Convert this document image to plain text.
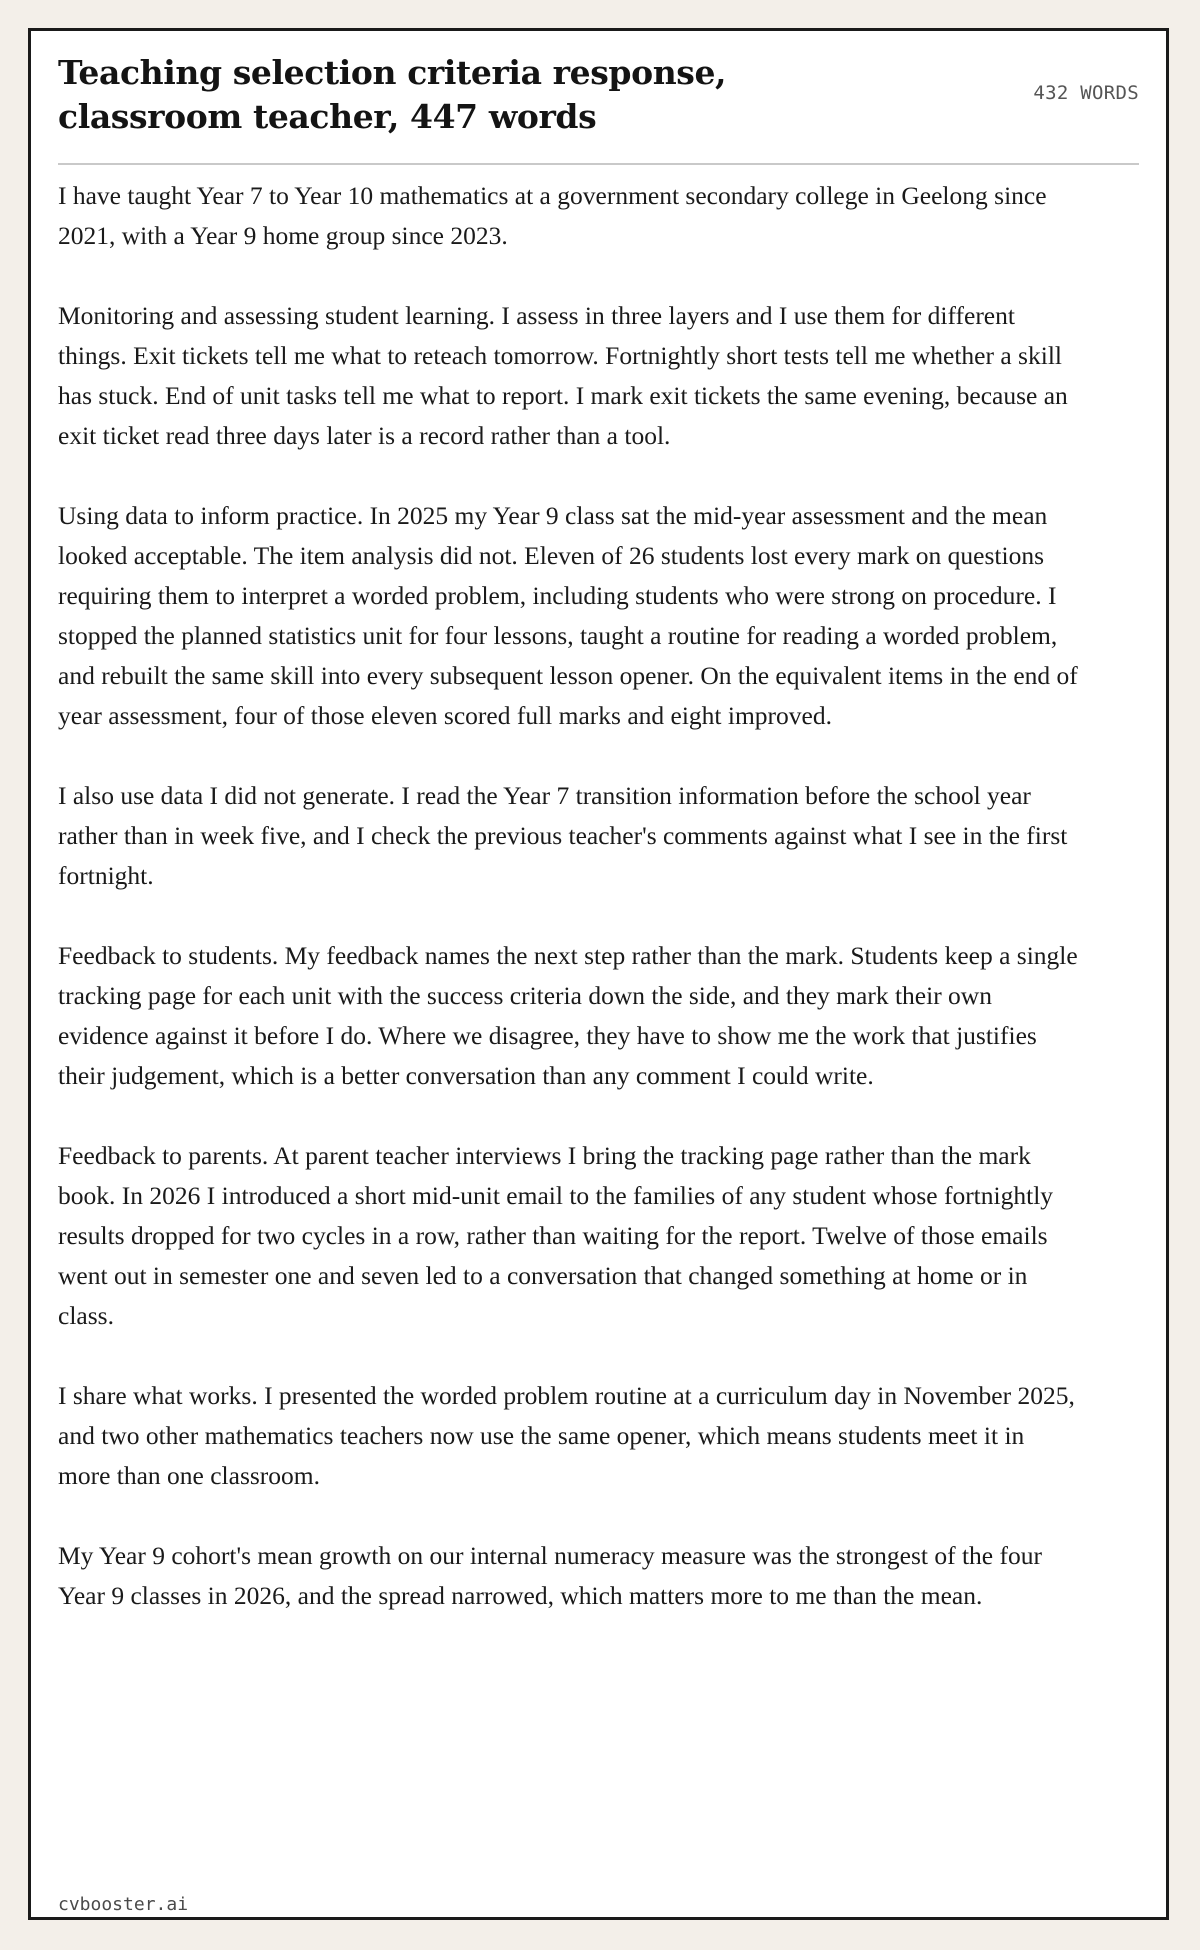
Teaching selection criteria response, classroom teacher, 447 words
432 WORDS

I have taught Year 7 to Year 10 mathematics at a government secondary college in Geelong since 2021, with a Year 9 home group since 2023.

Monitoring and assessing student learning. I assess in three layers and I use them for different things. Exit tickets tell me what to reteach tomorrow. Fortnightly short tests tell me whether a skill has stuck. End of unit tasks tell me what to report. I mark exit tickets the same evening, because an exit ticket read three days later is a record rather than a tool.

Using data to inform practice. In 2025 my Year 9 class sat the mid-year assessment and the mean looked acceptable. The item analysis did not. Eleven of 26 students lost every mark on questions requiring them to interpret a worded problem, including students who were strong on procedure. I stopped the planned statistics unit for four lessons, taught a routine for reading a worded problem, and rebuilt the same skill into every subsequent lesson opener. On the equivalent items in the end of year assessment, four of those eleven scored full marks and eight improved.

I also use data I did not generate. I read the Year 7 transition information before the school year rather than in week five, and I check the previous teacher's comments against what I see in the first fortnight.

Feedback to students. My feedback names the next step rather than the mark. Students keep a single tracking page for each unit with the success criteria down the side, and they mark their own evidence against it before I do. Where we disagree, they have to show me the work that justifies their judgement, which is a better conversation than any comment I could write.

Feedback to parents. At parent teacher interviews I bring the tracking page rather than the mark book. In 2026 I introduced a short mid-unit email to the families of any student whose fortnightly results dropped for two cycles in a row, rather than waiting for the report. Twelve of those emails went out in semester one and seven led to a conversation that changed something at home or in class.

I share what works. I presented the worded problem routine at a curriculum day in November 2025, and two other mathematics teachers now use the same opener, which means students meet it in more than one classroom.

My Year 9 cohort's mean growth on our internal numeracy measure was the strongest of the four Year 9 classes in 2026, and the spread narrowed, which matters more to me than the mean.

cvbooster.ai
